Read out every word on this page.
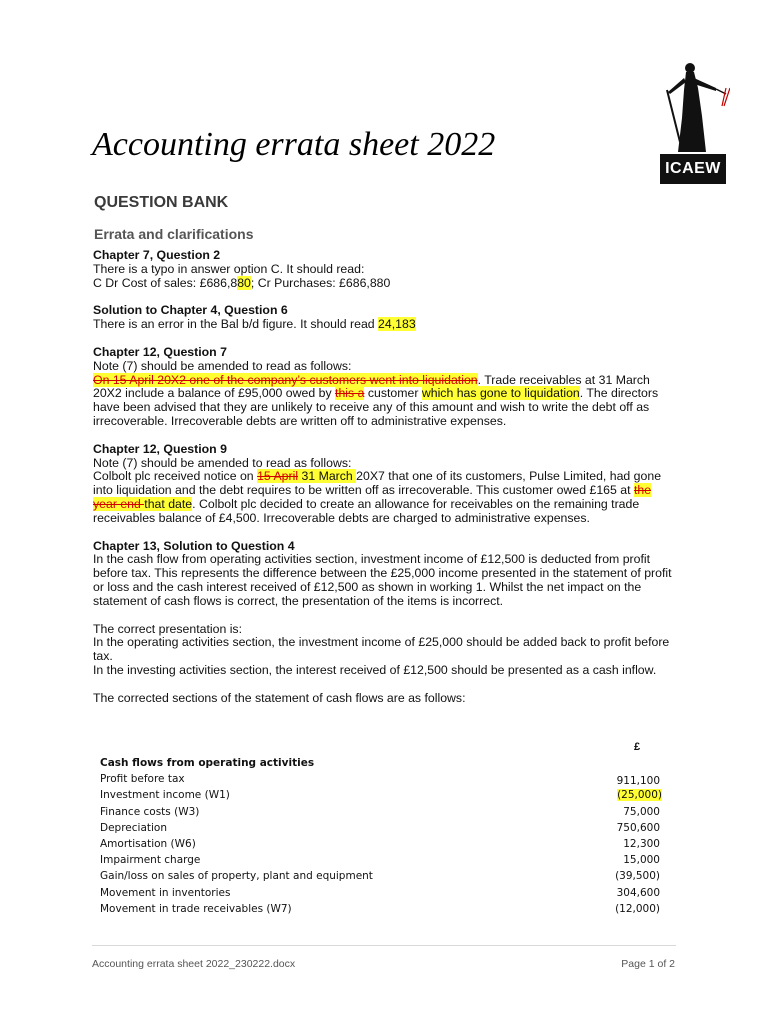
Accounting errata sheet 2022
ICAEW
QUESTION BANK
Errata and clarifications
Chapter 7, Question 2
There is a typo in answer option C. It should read:
C Dr Cost of sales: £686,880; Cr Purchases: £686,880
Solution to Chapter 4, Question 6
There is an error in the Bal b/d figure. It should read 24,183
Chapter 12, Question 7
Note (7) should be amended to read as follows:
On 15 April 20X2 one of the company’s customers went into liquidation. Trade receivables at 31 March 20X2 include a balance of £95,000 owed by this a customer which has gone to liquidation. The directors have been advised that they are unlikely to receive any of this amount and wish to write the debt off as irrecoverable. Irrecoverable debts are written off to administrative expenses.
Chapter 12, Question 9
Note (7) should be amended to read as follows:
Colbolt plc received notice on 15 April 31 March 20X7 that one of its customers, Pulse Limited, had gone into liquidation and the debt requires to be written off as irrecoverable. This customer owed £165 at the year end that date. Colbolt plc decided to create an allowance for receivables on the remaining trade receivables balance of £4,500. Irrecoverable debts are charged to administrative expenses.
Chapter 13, Solution to Question 4
In the cash flow from operating activities section, investment income of £12,500 is deducted from profit before tax. This represents the difference between the £25,000 income presented in the statement of profit or loss and the cash interest received of £12,500 as shown in working 1. Whilst the net impact on the statement of cash flows is correct, the presentation of the items is incorrect.
The correct presentation is:
In the operating activities section, the investment income of £25,000 should be added back to profit before tax.
In the investing activities section, the interest received of £12,500 should be presented as a cash inflow.
The corrected sections of the statement of cash flows are as follows:
£
Cash flows from operating activities
Profit before tax	911,100
Investment income (W1)	(25,000)
Finance costs (W3)	75,000
Depreciation	750,600
Amortisation (W6)	12,300
Impairment charge	15,000
Gain/loss on sales of property, plant and equipment	(39,500)
Movement in inventories	304,600
Movement in trade receivables (W7)	(12,000)
Accounting errata sheet 2022_230222.docx	Page 1 of 2
